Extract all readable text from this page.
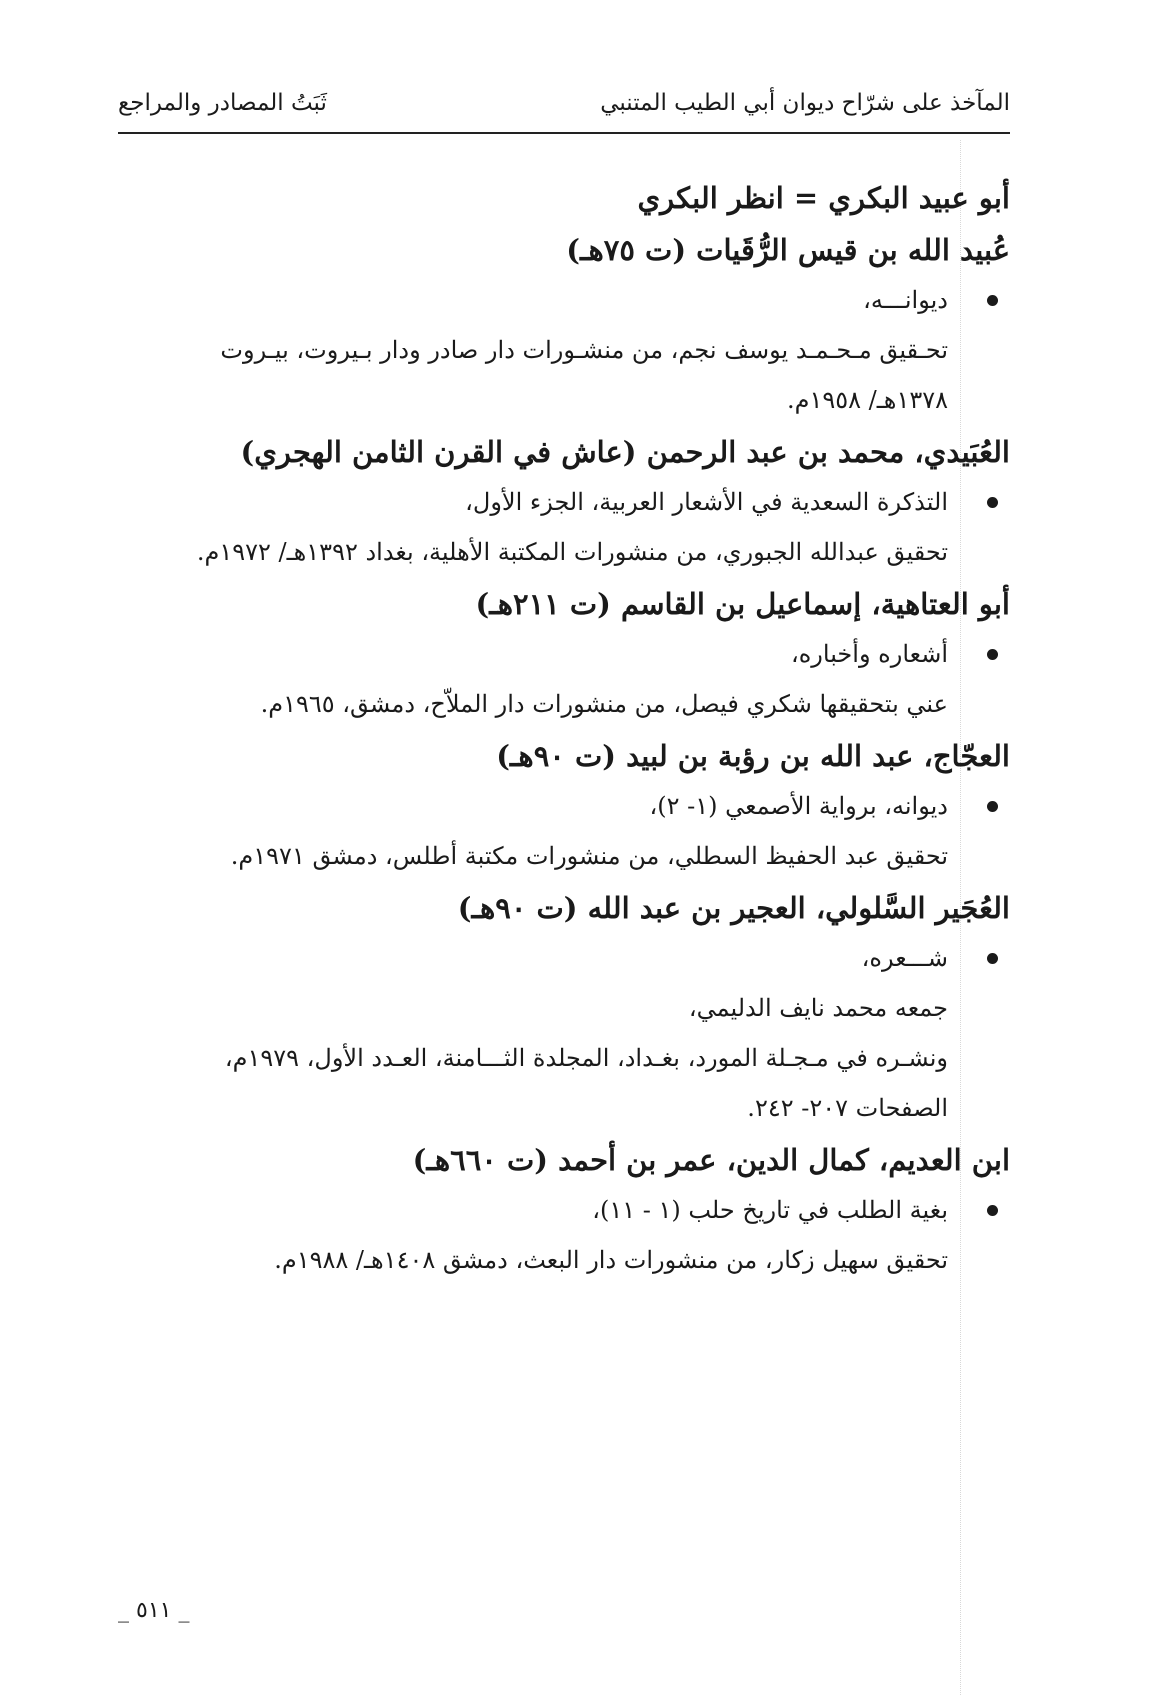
المآخذ على شرّاح ديوان أبي الطيب المتنبي
ثَبَتُ المصادر والمراجع
أبو عبيد البكري = انظر البكري
عُبيد الله بن قيس الرُّقَيات (ت ٧٥هـ)
ديوانـــه،
تحـقيق مـحـمـد يوسف نجم، من منشـورات دار صادر ودار بـيروت، بيـروت
١٣٧٨هـ/ ١٩٥٨م.
العُبَيدي، محمد بن عبد الرحمن (عاش في القرن الثامن الهجري)
التذكرة السعدية في الأشعار العربية، الجزء الأول،
تحقيق عبدالله الجبوري، من منشورات المكتبة الأهلية، بغداد ١٣٩٢هـ/ ١٩٧٢م.
أبو العتاهية، إسماعيل بن القاسم (ت ٢١١هـ)
أشعاره وأخباره،
عني بتحقيقها شكري فيصل، من منشورات دار الملاّح، دمشق، ١٩٦٥م.
العجّاج، عبد الله بن رؤبة بن لبيد (ت ٩٠هـ)
ديوانه، برواية الأصمعي (١- ٢)،
تحقيق عبد الحفيظ السطلي، من منشورات مكتبة أطلس، دمشق ١٩٧١م.
العُجَير السَّلولي، العجير بن عبد الله (ت ٩٠هـ)
شـــعره،
جمعه محمد نايف الدليمي،
ونشـره في مـجـلة المورد، بغـداد، المجلدة الثـــامنة، العـدد الأول، ١٩٧٩م،
الصفحات ٢٠٧- ٢٤٢.
ابن العديم، كمال الدين، عمر بن أحمد (ت ٦٦٠هـ)
بغية الطلب في تاريخ حلب (١ - ١١)،
تحقيق سهيل زكار، من منشورات دار البعث، دمشق ١٤٠٨هـ/ ١٩٨٨م.
_ ٥١١ _
